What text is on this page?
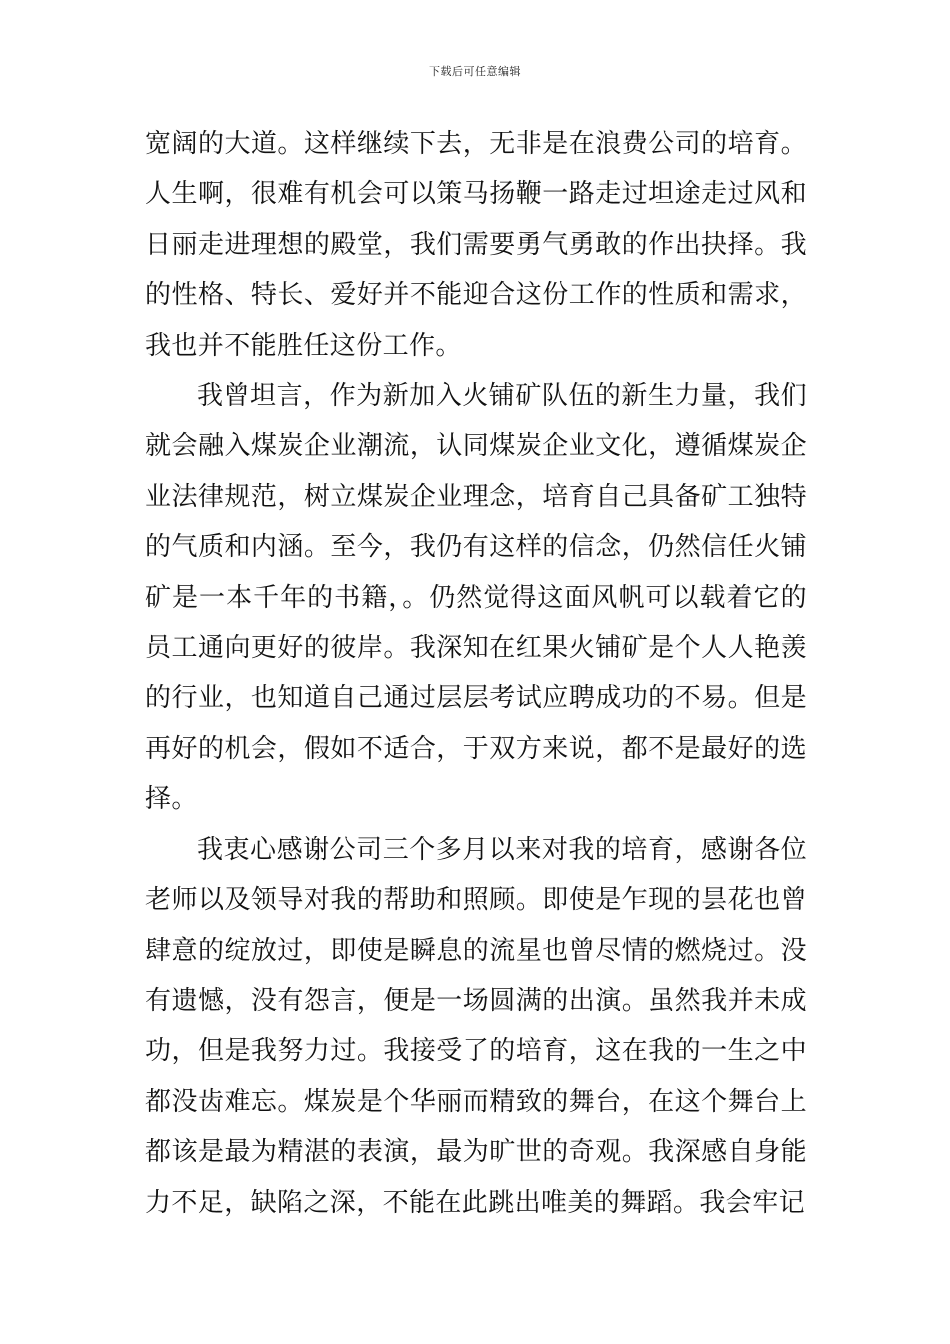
下载后可任意编辑

宽阔的大道。这样继续下去，无非是在浪费公司的培育。人生啊，很难有机会可以策马扬鞭一路走过坦途走过风和日丽走进理想的殿堂，我们需要勇气勇敢的作出抉择。我的性格、特长、爱好并不能迎合这份工作的性质和需求，我也并不能胜任这份工作。

我曾坦言，作为新加入火铺矿队伍的新生力量，我们就会融入煤炭企业潮流，认同煤炭企业文化，遵循煤炭企业法律规范，树立煤炭企业理念，培育自己具备矿工独特的气质和内涵。至今，我仍有这样的信念，仍然信任火铺矿是一本千年的书籍，。仍然觉得这面风帆可以载着它的员工通向更好的彼岸。我深知在红果火铺矿是个人人艳羡的行业，也知道自己通过层层考试应聘成功的不易。但是再好的机会，假如不适合，于双方来说，都不是最好的选择。

我衷心感谢公司三个多月以来对我的培育，感谢各位老师以及领导对我的帮助和照顾。即使是乍现的昙花也曾肆意的绽放过，即使是瞬息的流星也曾尽情的燃烧过。没有遗憾，没有怨言，便是一场圆满的出演。虽然我并未成功，但是我努力过。我接受了的培育，这在我的一生之中都没齿难忘。煤炭是个华丽而精致的舞台，在这个舞台上都该是最为精湛的表演，最为旷世的奇观。我深感自身能力不足，缺陷之深，不能在此跳出唯美的舞蹈。我会牢记
